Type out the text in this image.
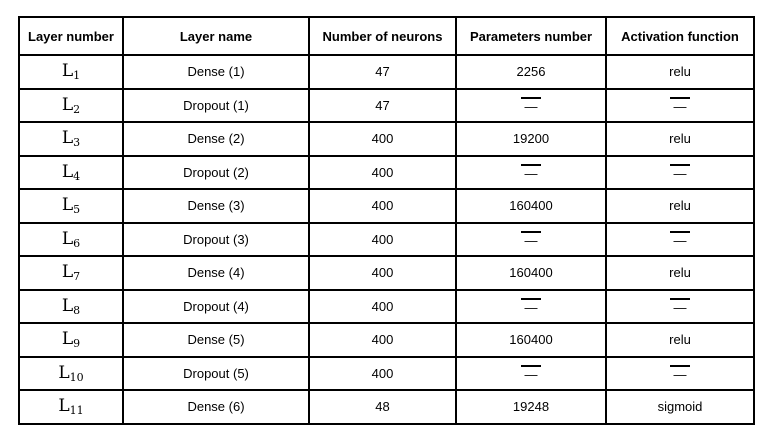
Layer number	Layer name	Number of neurons	Parameters number	Activation function
$L_1$	Dense (1)	47	2256	relu
$L_2$	Dropout (1)	47	—	—
$L_3$	Dense (2)	400	19200	relu
$L_4$	Dropout (2)	400	—	—
$L_5$	Dense (3)	400	160400	relu
$L_6$	Dropout (3)	400	—	—
$L_7$	Dense (4)	400	160400	relu
$L_8$	Dropout (4)	400	—	—
$L_9$	Dense (5)	400	160400	relu
$L_{10}$	Dropout (5)	400	—	—
$L_{11}$	Dense (6)	48	19248	sigmoid
